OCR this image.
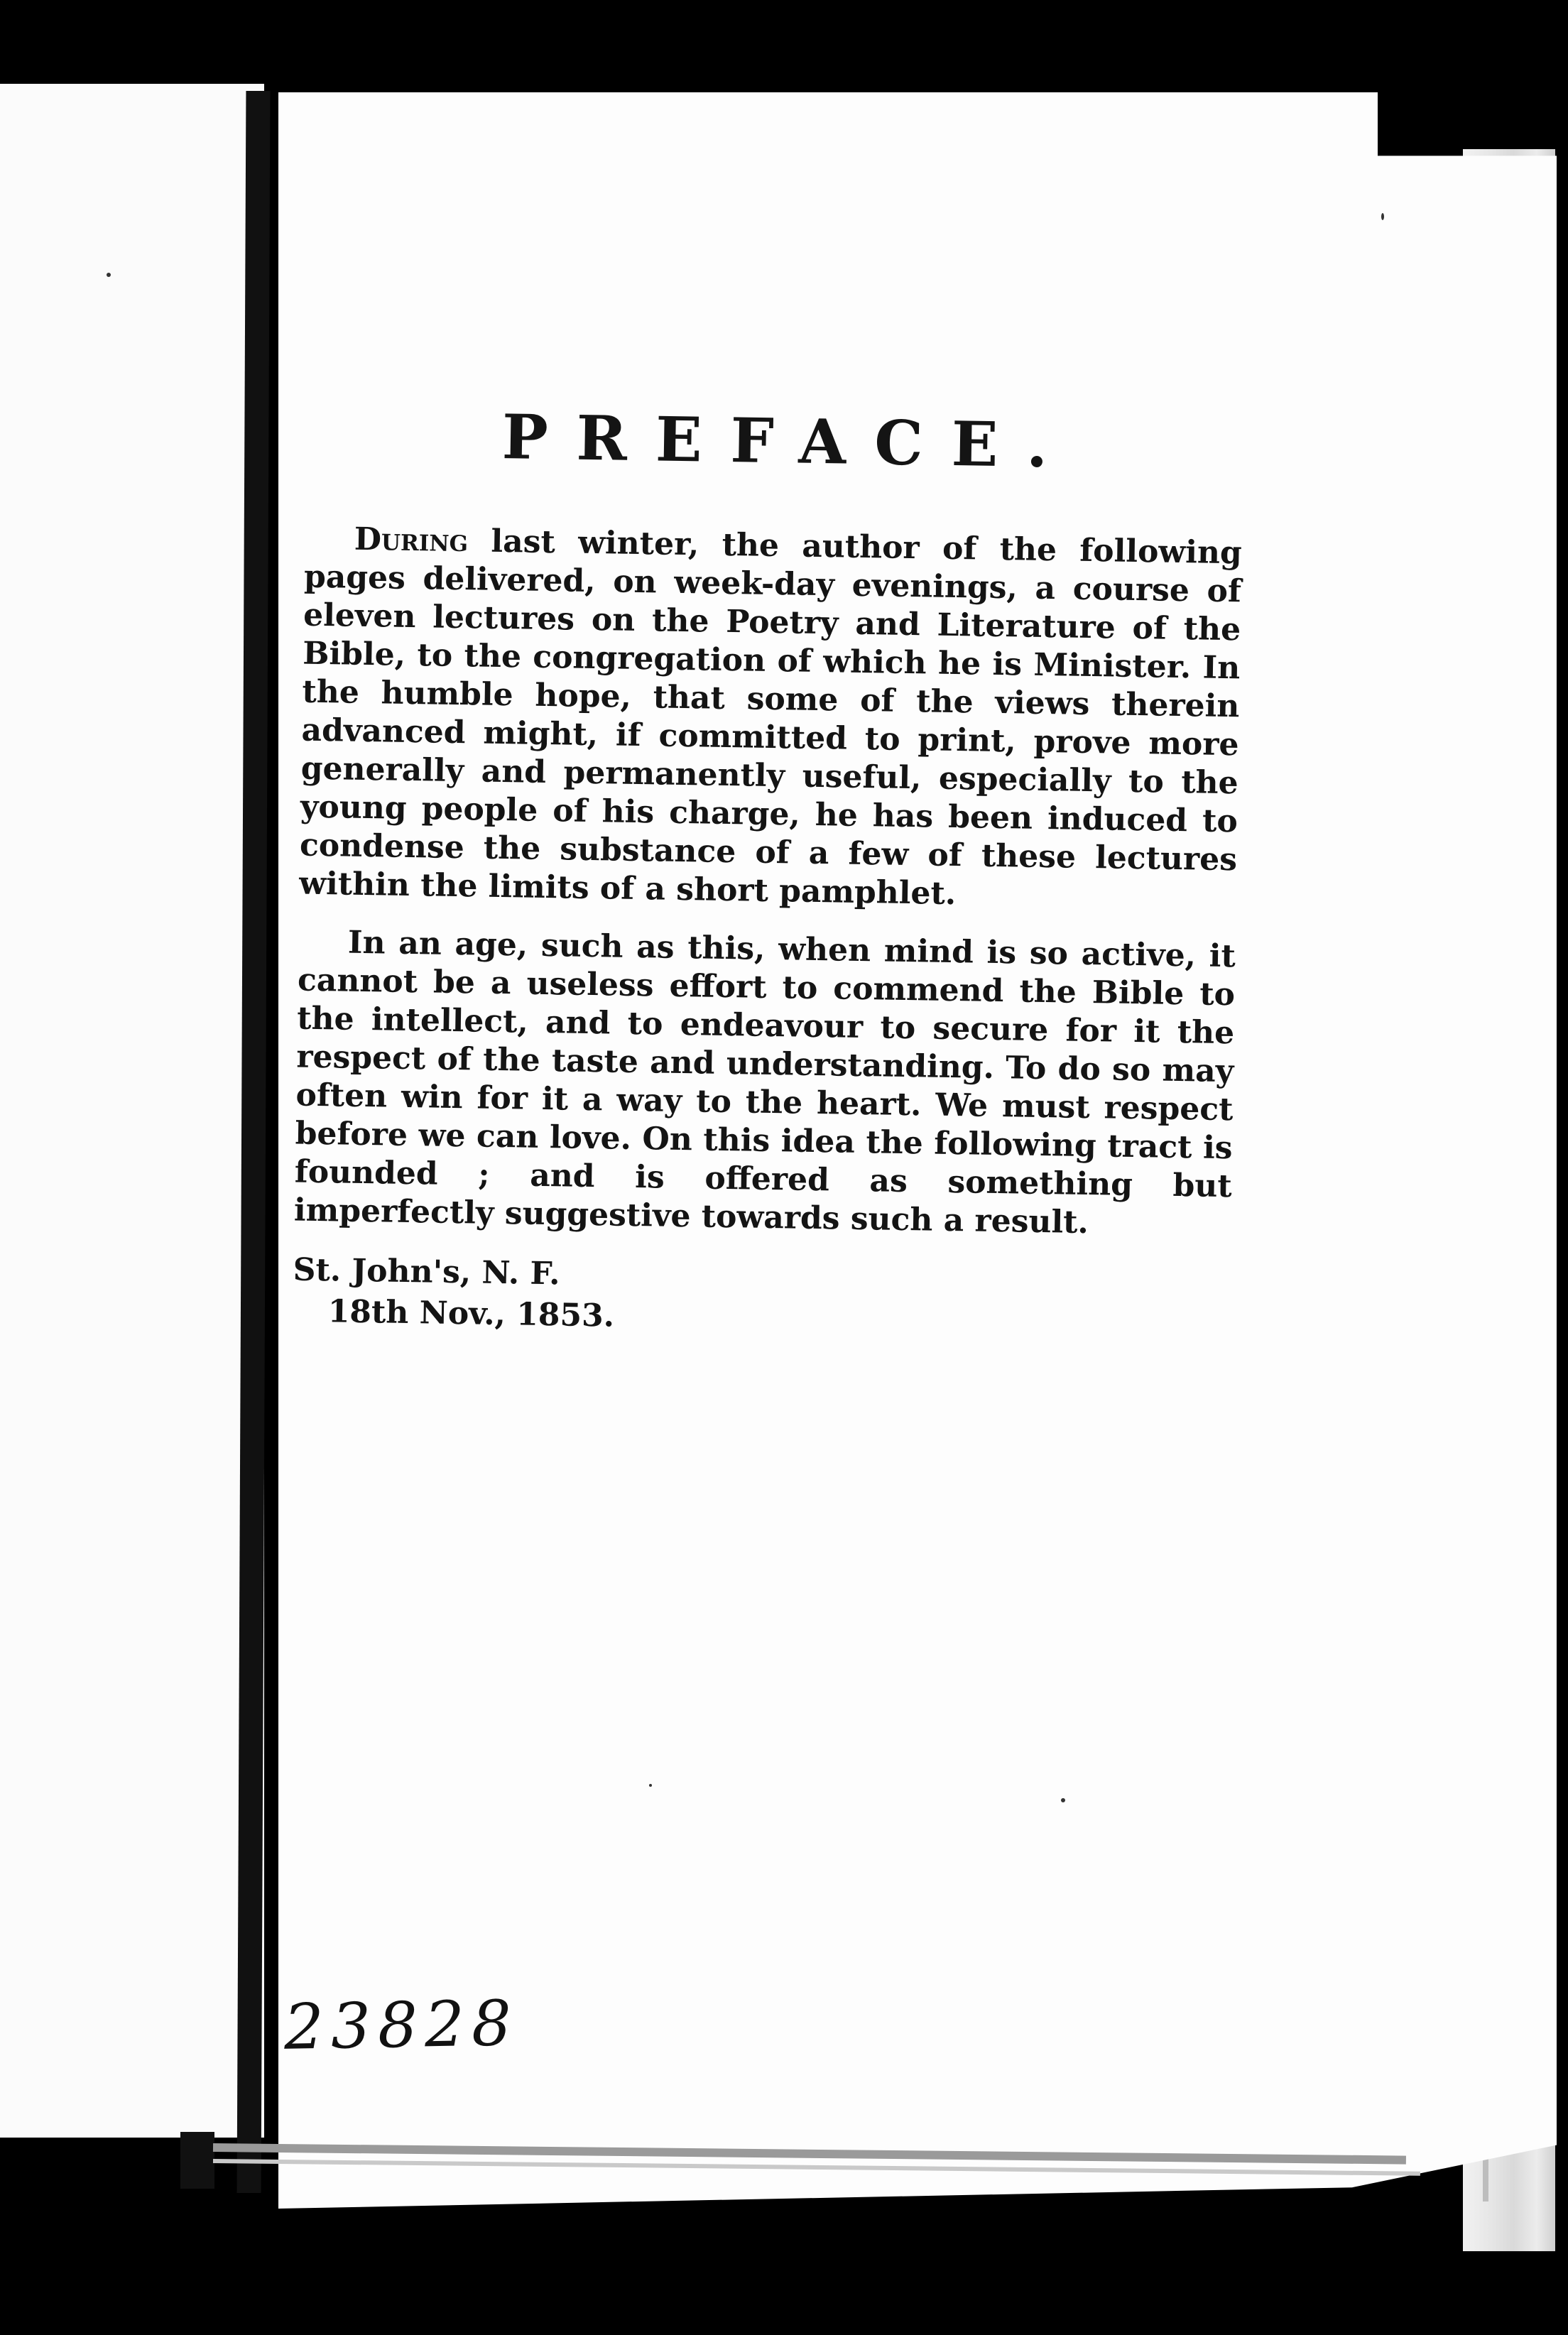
PREFACE.

During last winter, the author of the following pages delivered, on week-day evenings, a course of eleven lectures on the Poetry and Literature of the Bible, to the congregation of which he is Minister. In the humble hope, that some of the views therein advanced might, if committed to print, prove more generally and permanently useful, especially to the young people of his charge, he has been induced to condense the substance of a few of these lectures within the limits of a short pamphlet.

In an age, such as this, when mind is so active, it cannot be a useless effort to commend the Bible to the intellect, and to endeavour to secure for it the respect of the taste and understanding. To do so may often win for it a way to the heart. We must respect before we can love. On this idea the following tract is founded ; and is offered as something but imperfectly suggestive towards such a result.

St. John's, N. F.
18th Nov., 1853.
23828
